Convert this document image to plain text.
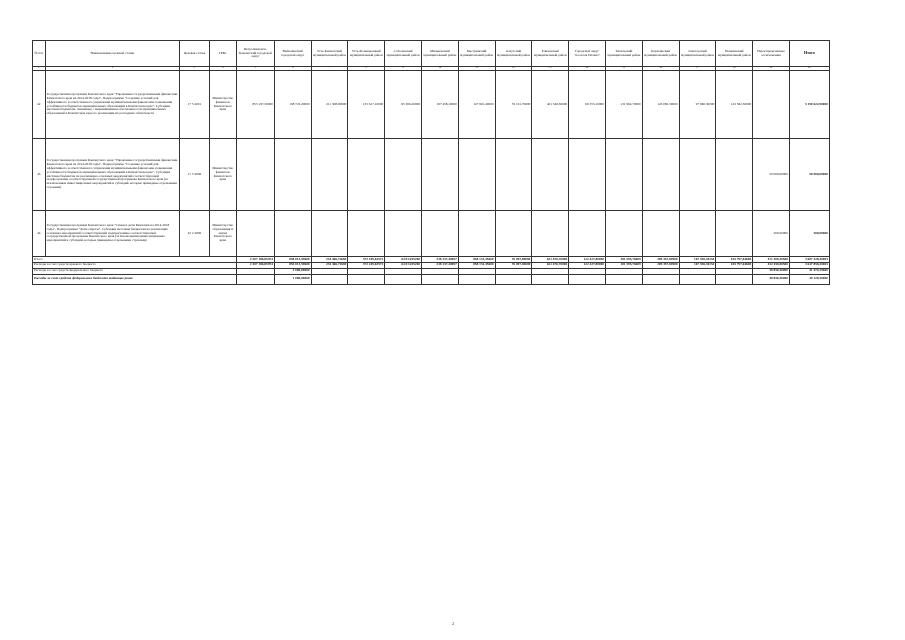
№ п/п	Наименование целевой статьи	Целевая статья	ГРБС	Петропавловск-Камчатский городской округ	Вилючинский городской округ	Усть-Камчатский муниципальный район	Усть-Большерецкий муниципальный район	Соболевский муниципальный район	Мильковский муниципальный район	Быстринский муниципальный район	Алеутский муниципальный район	Елизовский муниципальный район	Городской округ "поселок Палана"	Тигильский муниципальный район	Карагинский муниципальный район	Олюторский муниципальный район	Пенжинский муниципальный район	Нераспределенные ассигнования	Итого
1	2	3	4	5	6	7	8	9	10	11	12	13	14	15	16	17	18	19	20
42	Государственная программа Камчатского края "Управление государственными финансами Камчатского края на 2014-2018 годы", Подпрограмма "Создание условий для эффективного и ответственного управления муниципальными финансами, повышения устойчивости бюджетов муниципальных образований в Камчатском крае". Субсидии местным бюджетам, связанные с выравниванием обеспеченности муниципальных образований в Камчатском крае по реализации их расходных обязательств	17 5 4001	Министерство финансов Камчатского края	853 197,30000	138 723,20000	211 308,00000	135 617,10000	65 306,20000	197 458,10000	147 901,40000	35 161,70000	421 349,30000	69 353,10000	131 962,70000	143 082,30000	97 960,30000	143 362,30000		3 190 622,90000
43	Государственная программа Камчатского края "Управление государственными финансами Камчатского края на 2014-2018 годы", Подпрограмма "Создание условий для эффективного и ответственного управления муниципальными финансами, повышения устойчивости бюджетов муниципальных образований в Камчатском крае". Субсидии местным бюджетам на реализацию основных мероприятий соответствующей подпрограммы соответствующей государственной программы Камчатского края (за исключением инвестиционных мероприятий и субсидий, которые приведены отдельными строками)	17 5 4006	Министерство финансов Камчатского края															50 000,00000	50 000,00000
44	Государственная программа Камчатского края "Семья и дети Камчатки на 2014-2018 годы", Подпрограмма "Дети-сироты". Субсидии местным бюджетам на реализацию основных мероприятий соответствующей подпрограммы соответствующей государственной программы Камчатского края (за исключением инвестиционных мероприятий и субсидий, которые приведены отдельными строками)	22 2 4006	Министерство образования и науки Камчатского края															200,00000	200,00000
Итого				2 307 186,85704	848 013,59600	234 466,72669	372 249,63572	64 014,95200	238 137,40097	858 131,35600	76 097,00000	621 676,70000	122 427,80000	181 595,76609	209 457,84900	167 356,30154	165 797,64600	471 300,30500	3 687 328,40003
Расходы за счет средств краевого бюджета				2 307 186,85704	850 013,59600	234 466,72669	372 249,63572	64 014,95200	238 137,40097	858 131,35600	76 097,00000	621 676,70000	122 427,80000	181 595,76609	209 457,84900	167 356,30154	165 797,64600	432 450,00500	3 647 858,30003
Расходы за счет средств федерального бюджета					3 000,00000													38 850,30000	41 470,29600
Расходы за счет средств федерального бюджета выданные ранее					1 000,00000													48 850,30000	49 120,30000
2
